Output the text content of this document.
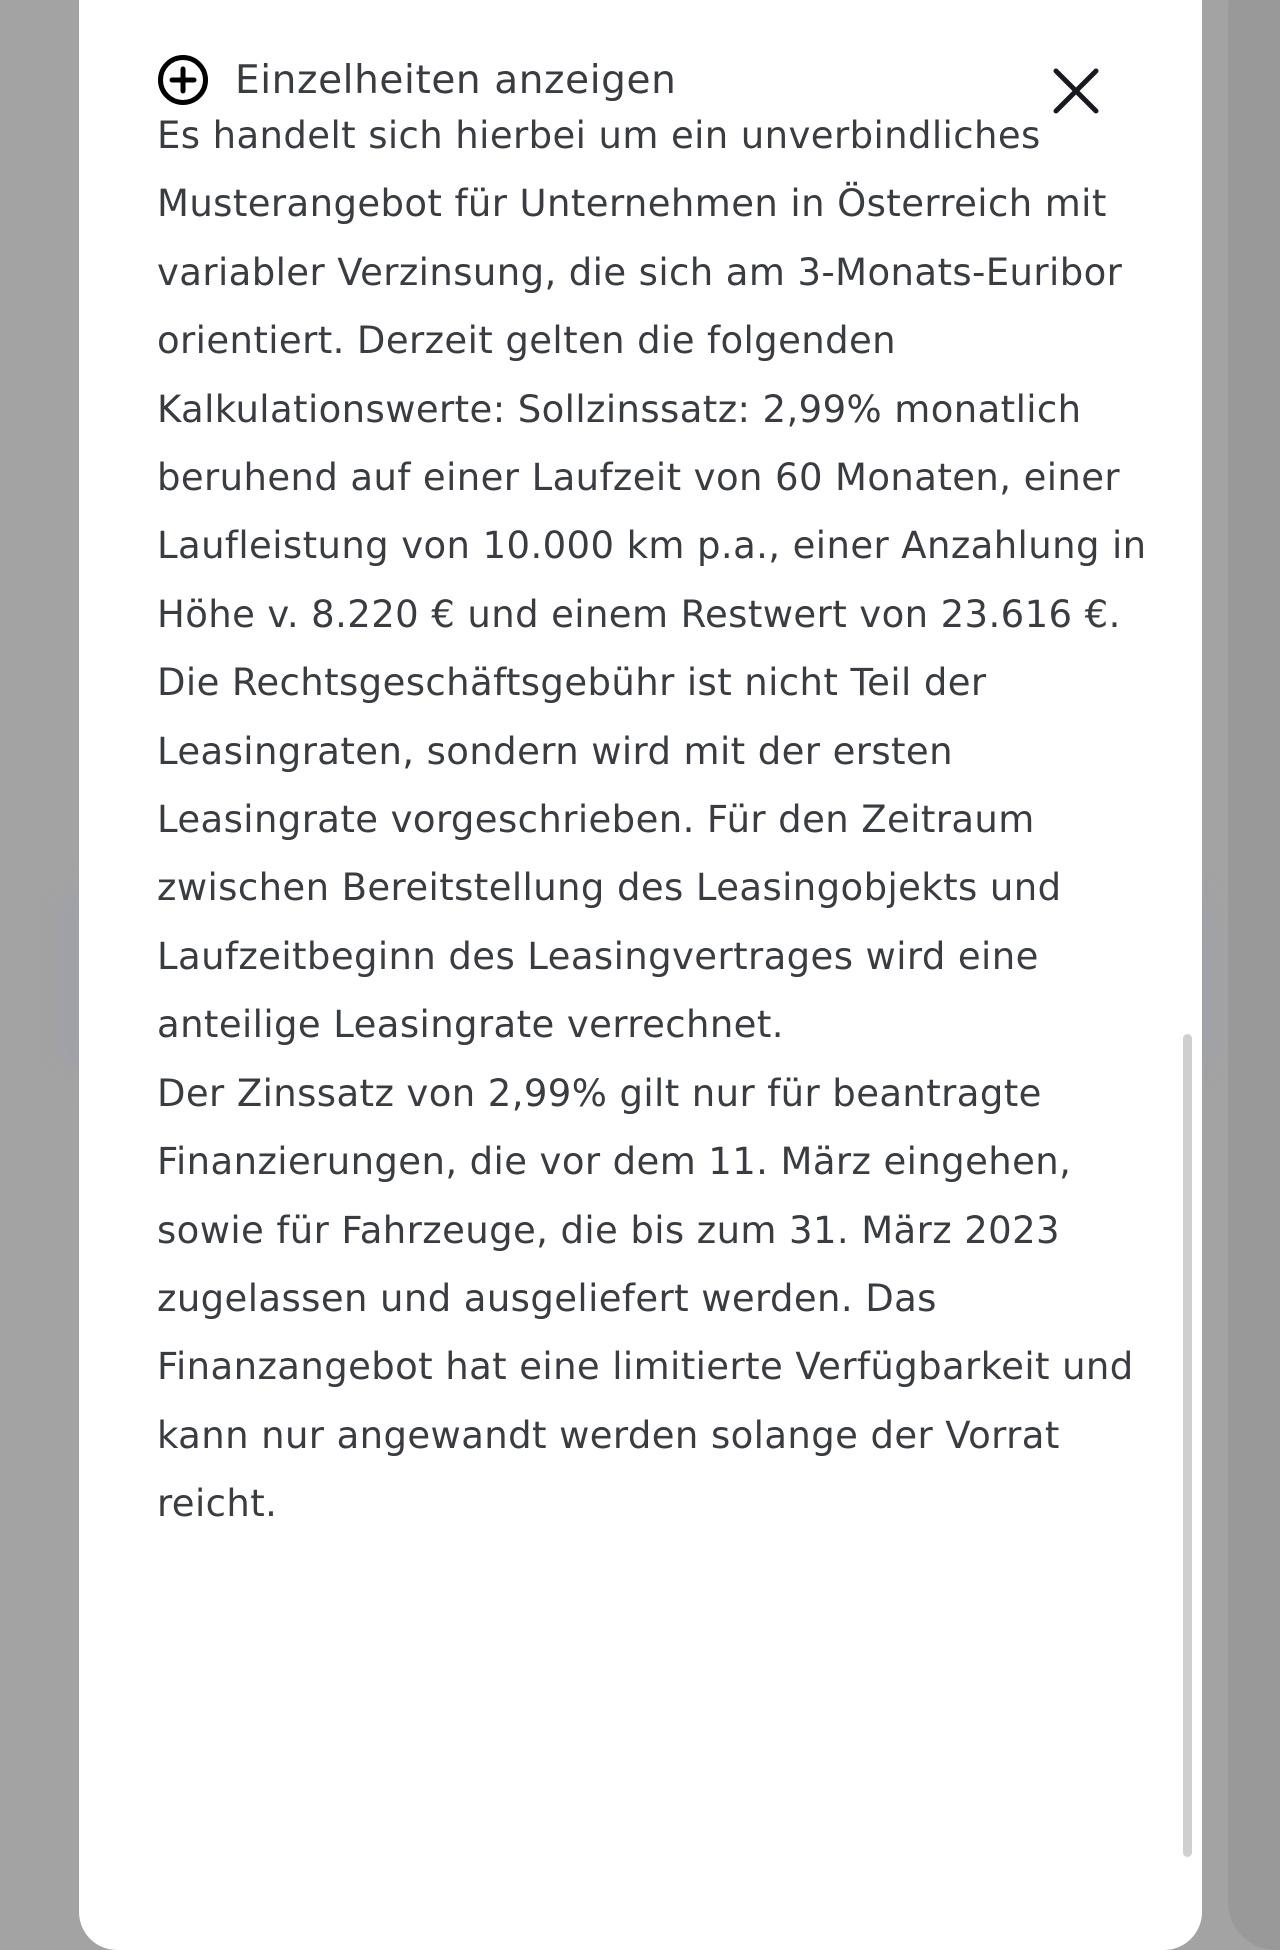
Einzelheiten anzeigen

Es handelt sich hierbei um ein unverbindliches Musterangebot für Unternehmen in Österreich mit variabler Verzinsung, die sich am 3-Monats-Euribor orientiert. Derzeit gelten die folgenden Kalkulationswerte: Sollzinssatz: 2,99% monatlich beruhend auf einer Laufzeit von 60 Monaten, einer Laufleistung von 10.000 km p.a., einer Anzahlung in Höhe v. 8.220 € und einem Restwert von 23.616 €. Die Rechtsgeschäftsgebühr ist nicht Teil der Leasingraten, sondern wird mit der ersten Leasingrate vorgeschrieben. Für den Zeitraum zwischen Bereitstellung des Leasingobjekts und Laufzeitbeginn des Leasingvertrages wird eine anteilige Leasingrate verrechnet.

Der Zinssatz von 2,99% gilt nur für beantragte Finanzierungen, die vor dem 11. März eingehen, sowie für Fahrzeuge, die bis zum 31. März 2023 zugelassen und ausgeliefert werden. Das Finanzangebot hat eine limitierte Verfügbarkeit und kann nur angewandt werden solange der Vorrat reicht.
